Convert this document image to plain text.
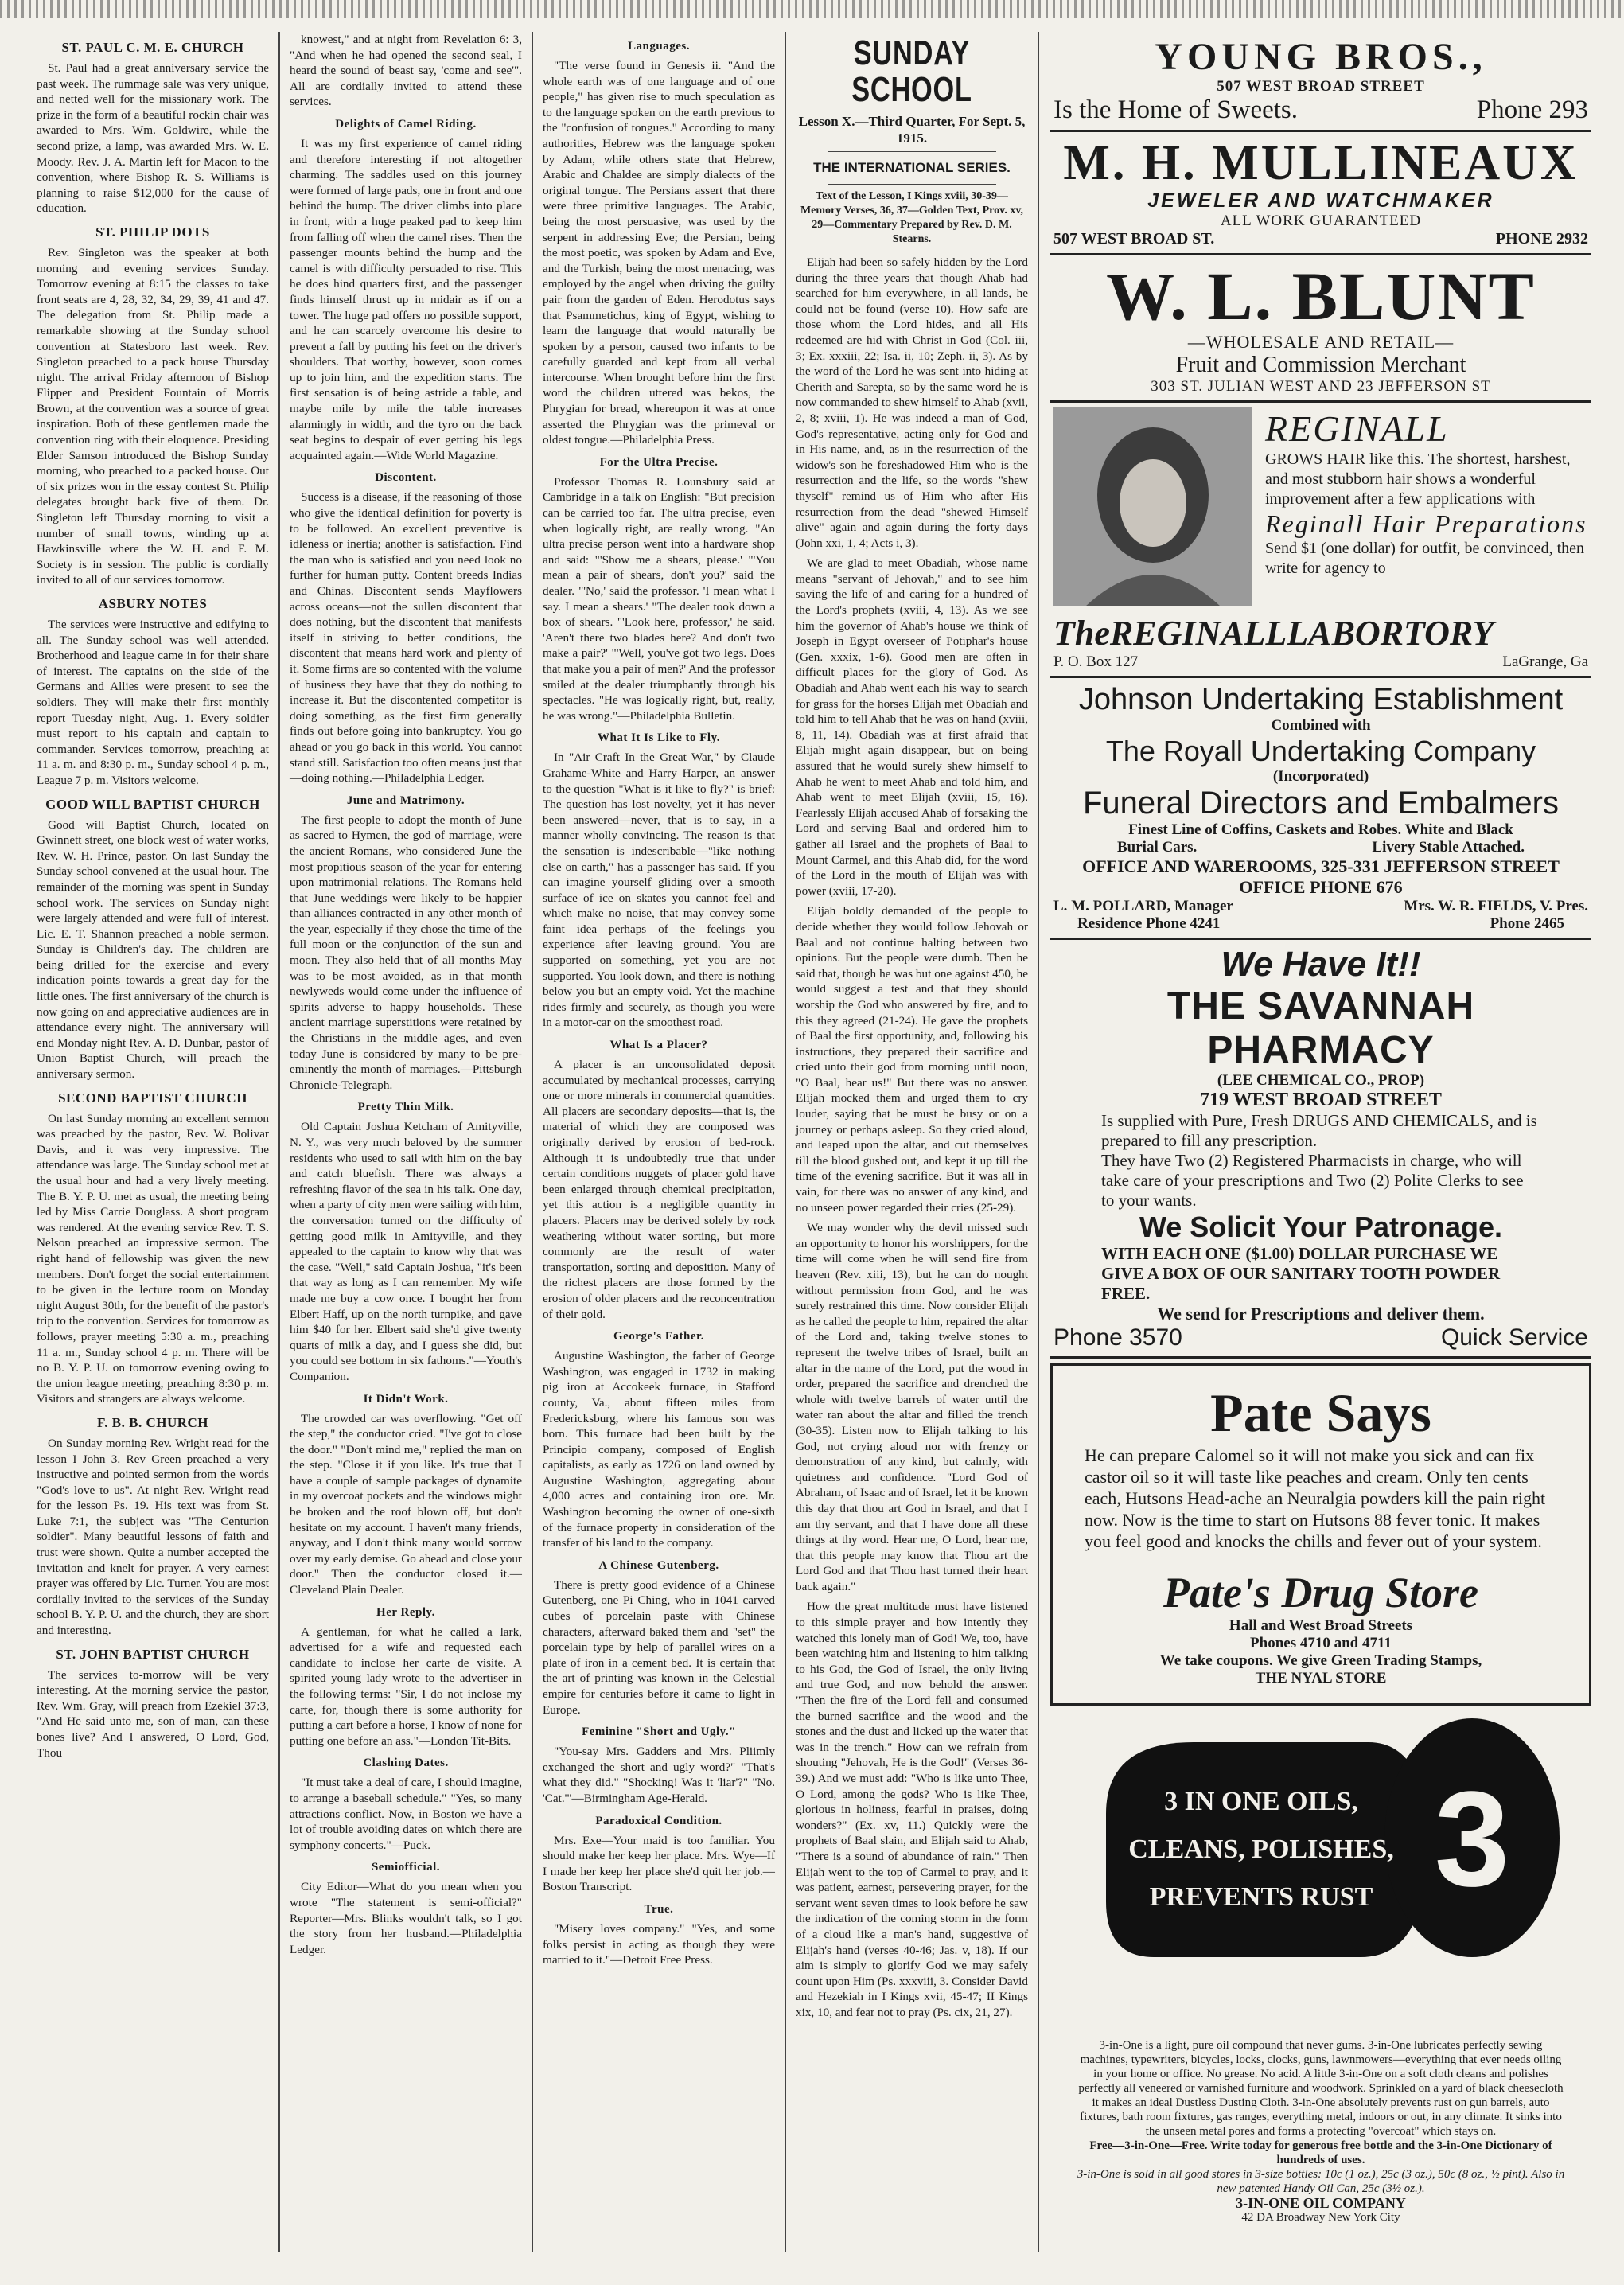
ST. PAUL C. M. E. CHURCH

St. Paul had a great anniversary service the past week. The rummage sale was very unique, and netted well for the missionary work. The prize in the form of a beautiful rockin chair was awarded to Mrs. Wm. Goldwire, while the second prize, a lamp, was awarded Mrs. W. E. Moody. Rev. J. A. Martin left for Macon to the convention, where Bishop R. S. Williams is planning to raise $12,000 for the cause of education.

ST. PHILIP DOTS

Rev. Singleton was the speaker at both morning and evening services Sunday. Tomorrow evening at 8:15 the classes to take front seats are 4, 28, 32, 34, 29, 39, 41 and 47. The delegation from St. Philip made a remarkable showing at the Sunday school convention at Statesboro last week. Rev. Singleton preached to a pack house Thursday night. The arrival Friday afternoon of Bishop Flipper and President Fountain of Morris Brown, at the convention was a source of great inspiration. Both of these gentlemen made the convention ring with their eloquence. Presiding Elder Samson introduced the Bishop Sunday morning, who preached to a packed house. Out of six prizes won in the essay contest St. Philip delegates brought back five of them. Dr. Singleton left Thursday morning to visit a number of small towns, winding up at Hawkinsville where the W. H. and F. M. Society is in session. The public is cordially invited to all of our services tomorrow.

ASBURY NOTES

The services were instructive and edifying to all. The Sunday school was well attended. Brotherhood and league came in for their share of interest. The captains on the side of the Germans and Allies were present to see the soldiers. They will make their first monthly report Tuesday night, Aug. 1. Every soldier must report to his captain and captain to commander. Services tomorrow, preaching at 11 a. m. and 8:30 p. m., Sunday school 4 p. m., League 7 p. m. Visitors welcome.

GOOD WILL BAPTIST CHURCH

Good will Baptist Church, located on Gwinnett street, one block west of water works, Rev. W. H. Prince, pastor. On last Sunday the Sunday school convened at the usual hour. The remainder of the morning was spent in Sunday school work. The services on Sunday night were largely attended and were full of interest. Lic. E. T. Shannon preached a noble sermon. Sunday is Children's day. The children are being drilled for the exercise and every indication points towards a great day for the little ones. The first anniversary of the church is now going on and appreciative audiences are in attendance every night. The anniversary will end Monday night Rev. A. D. Dunbar, pastor of Union Baptist Church, will preach the anniversary sermon.

SECOND BAPTIST CHURCH

On last Sunday morning an excellent sermon was preached by the pastor, Rev. W. Bolivar Davis, and it was very impressive. The attendance was large. The Sunday school met at the usual hour and had a very lively meeting. The B. Y. P. U. met as usual, the meeting being led by Miss Carrie Douglass. A short program was rendered. At the evening service Rev. T. S. Nelson preached an impressive sermon. The right hand of fellowship was given the new members. Don't forget the social entertainment to be given in the lecture room on Monday night August 30th, for the benefit of the pastor's trip to the convention. Services for tomorrow as follows, prayer meeting 5:30 a. m., preaching 11 a. m., Sunday school 4 p. m. There will be no B. Y. P. U. on tomorrow evening owing to the union league meeting, preaching 8:30 p. m. Visitors and strangers are always welcome.

F. B. B. CHURCH

On Sunday morning Rev. Wright read for the lesson I John 3. Rev Green preached a very instructive and pointed sermon from the words "God's love to us". At night Rev. Wright read for the lesson Ps. 19. His text was from St. Luke 7:1, the subject was "The Centurion soldier". Many beautiful lessons of faith and trust were shown. Quite a number accepted the invitation and knelt for prayer. A very earnest prayer was offered by Lic. Turner. You are most cordially invited to the services of the Sunday school B. Y. P. U. and the church, they are short and interesting.

ST. JOHN BAPTIST CHURCH

The services to-morrow will be very interesting. At the morning service the pastor, Rev. Wm. Gray, will preach from Ezekiel 37:3, "And He said unto me, son of man, can these bones live? And I answered, O Lord, God, Thou

knowest," and at night from Revelation 6: 3, "And when he had opened the second seal, I heard the sound of beast say, 'come and see'". All are cordially invited to attend these services.

Delights of Camel Riding.

It was my first experience of camel riding and therefore interesting if not altogether charming. The saddles used on this journey were formed of large pads, one in front and one behind the hump. The driver climbs into place in front, with a huge peaked pad to keep him from falling off when the camel rises. Then the passenger mounts behind the hump and the camel is with difficulty persuaded to rise. This he does hind quarters first, and the passenger finds himself thrust up in midair as if on a tower. The huge pad offers no possible support, and he can scarcely overcome his desire to prevent a fall by putting his feet on the driver's shoulders. That worthy, however, soon comes up to join him, and the expedition starts. The first sensation is of being astride a table, and maybe mile by mile the table increases alarmingly in width, and the tyro on the back seat begins to despair of ever getting his legs acquainted again.—Wide World Magazine.

Discontent.

Success is a disease, if the reasoning of those who give the identical definition for poverty is to be followed. An excellent preventive is idleness or inertia; another is satisfaction. Find the man who is satisfied and you need look no further for human putty. Content breeds Indias and Chinas. Discontent sends Mayflowers across oceans—not the sullen discontent that does nothing, but the discontent that manifests itself in striving to better conditions, the discontent that means hard work and plenty of it. Some firms are so contented with the volume of business they have that they do nothing to increase it. But the discontented competitor is doing something, as the first firm generally finds out before going into bankruptcy. You go ahead or you go back in this world. You cannot stand still. Satisfaction too often means just that—doing nothing.—Philadelphia Ledger.

June and Matrimony.

The first people to adopt the month of June as sacred to Hymen, the god of marriage, were the ancient Romans, who considered June the most propitious season of the year for entering upon matrimonial relations. The Romans held that June weddings were likely to be happier than alliances contracted in any other month of the year, especially if they chose the time of the full moon or the conjunction of the sun and moon. They also held that of all months May was to be most avoided, as in that month newlyweds would come under the influence of spirits adverse to happy households. These ancient marriage superstitions were retained by the Christians in the middle ages, and even today June is considered by many to be pre-eminently the month of marriages.—Pittsburgh Chronicle-Telegraph.

Pretty Thin Milk.

Old Captain Joshua Ketcham of Amityville, N. Y., was very much beloved by the summer residents who used to sail with him on the bay and catch bluefish. There was always a refreshing flavor of the sea in his talk. One day, when a party of city men were sailing with him, the conversation turned on the difficulty of getting good milk in Amityville, and they appealed to the captain to know why that was the case. "Well," said Captain Joshua, "it's been that way as long as I can remember. My wife made me buy a cow once. I bought her from Elbert Haff, up on the north turnpike, and gave him $40 for her. Elbert said she'd give twenty quarts of milk a day, and I guess she did, but you could see bottom in six fathoms."—Youth's Companion.

It Didn't Work.

The crowded car was overflowing. "Get off the step," the conductor cried. "I've got to close the door." "Don't mind me," replied the man on the step. "Close it if you like. It's true that I have a couple of sample packages of dynamite in my overcoat pockets and the windows might be broken and the roof blown off, but don't hesitate on my account. I haven't many friends, anyway, and I don't think many would sorrow over my early demise. Go ahead and close your door." Then the conductor closed it.—Cleveland Plain Dealer.

Her Reply.

A gentleman, for what he called a lark, advertised for a wife and requested each candidate to inclose her carte de visite. A spirited young lady wrote to the advertiser in the following terms: "Sir, I do not inclose my carte, for, though there is some authority for putting a cart before a horse, I know of none for putting one before an ass."—London Tit-Bits.

Clashing Dates.

"It must take a deal of care, I should imagine, to arrange a baseball schedule." "Yes, so many attractions conflict. Now, in Boston we have a lot of trouble avoiding dates on which there are symphony concerts."—Puck.

Semiofficial.

City Editor—What do you mean when you wrote "The statement is semi-official?" Reporter—Mrs. Blinks wouldn't talk, so I got the story from her husband.—Philadelphia Ledger.

Languages.

"The verse found in Genesis ii. "And the whole earth was of one language and of one people," has given rise to much speculation as to the language spoken on the earth previous to the "confusion of tongues." According to many authorities, Hebrew was the language spoken by Adam, while others state that Hebrew, Arabic and Chaldee are simply dialects of the original tongue. The Persians assert that there were three primitive languages. The Arabic, being the most persuasive, was used by the serpent in addressing Eve; the Persian, being the most poetic, was spoken by Adam and Eve, and the Turkish, being the most menacing, was employed by the angel when driving the guilty pair from the garden of Eden. Herodotus says that Psammetichus, king of Egypt, wishing to learn the language that would naturally be spoken by a person, caused two infants to be carefully guarded and kept from all verbal intercourse. When brought before him the first word the children uttered was bekos, the Phrygian for bread, whereupon it was at once asserted the Phrygian was the primeval or oldest tongue.—Philadelphia Press.

For the Ultra Precise.

Professor Thomas R. Lounsbury said at Cambridge in a talk on English: "But precision can be carried too far. The ultra precise, even when logically right, are really wrong. "An ultra precise person went into a hardware shop and said: "'Show me a shears, please.' "'You mean a pair of shears, don't you?' said the dealer. "'No,' said the professor. 'I mean what I say. I mean a shears.' "The dealer took down a box of shears. "'Look here, professor,' he said. 'Aren't there two blades here? And don't two make a pair?' "'Well, you've got two legs. Does that make you a pair of men?' And the professor smiled at the dealer triumphantly through his spectacles. "He was logically right, but, really, he was wrong."—Philadelphia Bulletin.

What It Is Like to Fly.

In "Air Craft In the Great War," by Claude Grahame-White and Harry Harper, an answer to the question "What is it like to fly?" is brief: The question has lost novelty, yet it has never been answered—never, that is to say, in a manner wholly convincing. The reason is that the sensation is indescribable—"like nothing else on earth," has a passenger has said. If you can imagine yourself gliding over a smooth surface of ice on skates you cannot feel and which make no noise, that may convey some faint idea perhaps of the feelings you experience after leaving ground. You are supported on something, yet you are not supported. You look down, and there is nothing below you but an empty void. Yet the machine rides firmly and securely, as though you were in a motor-car on the smoothest road.

What Is a Placer?

A placer is an unconsolidated deposit accumulated by mechanical processes, carrying one or more minerals in commercial quantities. All placers are secondary deposits—that is, the material of which they are composed was originally derived by erosion of bed-rock. Although it is undoubtedly true that under certain conditions nuggets of placer gold have been enlarged through chemical precipitation, yet this action is a negligible quantity in placers. Placers may be derived solely by rock weathering without water sorting, but more commonly are the result of water transportation, sorting and deposition. Many of the richest placers are those formed by the erosion of older placers and the reconcentration of their gold.

George's Father.

Augustine Washington, the father of George Washington, was engaged in 1732 in making pig iron at Accokeek furnace, in Stafford county, Va., about fifteen miles from Fredericksburg, where his famous son was born. This furnace had been built by the Principio company, composed of English capitalists, as early as 1726 on land owned by Augustine Washington, aggregating about 4,000 acres and containing iron ore. Mr. Washington becoming the owner of one-sixth of the furnace property in consideration of the transfer of his land to the company.

A Chinese Gutenberg.

There is pretty good evidence of a Chinese Gutenberg, one Pi Ching, who in 1041 carved cubes of porcelain paste with Chinese characters, afterward baked them and "set" the porcelain type by help of parallel wires on a plate of iron in a cement bed. It is certain that the art of printing was known in the Celestial empire for centuries before it came to light in Europe.

Feminine "Short and Ugly."

"You-say Mrs. Gadders and Mrs. Pliimly exchanged the short and ugly word?" "That's what they did." "Shocking! Was it 'liar'?" "No. 'Cat.'"—Birmingham Age-Herald.

Paradoxical Condition.

Mrs. Exe—Your maid is too familiar. You should make her keep her place. Mrs. Wye—If I made her keep her place she'd quit her job.—Boston Transcript.

True.

"Misery loves company." "Yes, and some folks persist in acting as though they were married to it."—Detroit Free Press.

SUNDAY SCHOOL
Lesson X.—Third Quarter, For Sept. 5, 1915.
THE INTERNATIONAL SERIES.
Text of the Lesson, I Kings xviii, 30-39—Memory Verses, 36, 37—Golden Text, Prov. xv, 29—Commentary Prepared by Rev. D. M. Stearns.

Elijah had been so safely hidden by the Lord during the three years that though Ahab had searched for him everywhere, in all lands, he could not be found (verse 10). How safe are those whom the Lord hides, and all His redeemed are hid with Christ in God (Col. iii, 3; Ex. xxxiii, 22; Isa. ii, 10; Zeph. ii, 3). As by the word of the Lord he was sent into hiding at Cherith and Sarepta, so by the same word he is now commanded to shew himself to Ahab (xvii, 2, 8; xviii, 1). He was indeed a man of God, God's representative, acting only for God and in His name, and, as in the resurrection of the widow's son he foreshadowed Him who is the resurrection and the life, so the words "shew thyself" remind us of Him who after His resurrection from the dead "shewed Himself alive" again and again during the forty days (John xxi, 1, 4; Acts i, 3).

We are glad to meet Obadiah, whose name means "servant of Jehovah," and to see him saving the life of and caring for a hundred of the Lord's prophets (xviii, 4, 13). As we see him the governor of Ahab's house we think of Joseph in Egypt overseer of Potiphar's house (Gen. xxxix, 1-6). Good men are often in difficult places for the glory of God. As Obadiah and Ahab went each his way to search for grass for the horses Elijah met Obadiah and told him to tell Ahab that he was on hand (xviii, 8, 11, 14). Obadiah was at first afraid that Elijah might again disappear, but on being assured that he would surely shew himself to Ahab he went to meet Ahab and told him, and Ahab went to meet Elijah (xviii, 15, 16). Fearlessly Elijah accused Ahab of forsaking the Lord and serving Baal and ordered him to gather all Israel and the prophets of Baal to Mount Carmel, and this Ahab did, for the word of the Lord in the mouth of Elijah was with power (xviii, 17-20).

Elijah boldly demanded of the people to decide whether they would follow Jehovah or Baal and not continue halting between two opinions. But the people were dumb. Then he said that, though he was but one against 450, he would suggest a test and that they should worship the God who answered by fire, and to this they agreed (21-24). He gave the prophets of Baal the first opportunity, and, following his instructions, they prepared their sacrifice and cried unto their god from morning until noon, "O Baal, hear us!" But there was no answer. Elijah mocked them and urged them to cry louder, saying that he must be busy or on a journey or perhaps asleep. So they cried aloud, and leaped upon the altar, and cut themselves till the blood gushed out, and kept it up till the time of the evening sacrifice. But it was all in vain, for there was no answer of any kind, and no unseen power regarded their cries (25-29).

We may wonder why the devil missed such an opportunity to honor his worshippers, for the time will come when he will send fire from heaven (Rev. xiii, 13), but he can do nought without permission from God, and he was surely restrained this time. Now consider Elijah as he called the people to him, repaired the altar of the Lord and, taking twelve stones to represent the twelve tribes of Israel, built an altar in the name of the Lord, put the wood in order, prepared the sacrifice and drenched the whole with twelve barrels of water until the water ran about the altar and filled the trench (30-35). Listen now to Elijah talking to his God, not crying aloud nor with frenzy or demonstration of any kind, but calmly, with quietness and confidence. "Lord God of Abraham, of Isaac and of Israel, let it be known this day that thou art God in Israel, and that I am thy servant, and that I have done all these things at thy word. Hear me, O Lord, hear me, that this people may know that Thou art the Lord God and that Thou hast turned their heart back again."

How the great multitude must have listened to this simple prayer and how intently they watched this lonely man of God! We, too, have been watching him and listening to him talking to his God, the God of Israel, the only living and true God, and now behold the answer. "Then the fire of the Lord fell and consumed the burned sacrifice and the wood and the stones and the dust and licked up the water that was in the trench." How can we refrain from shouting "Jehovah, He is the God!" (Verses 36-39.) And we must add: "Who is like unto Thee, O Lord, among the gods? Who is like Thee, glorious in holiness, fearful in praises, doing wonders?" (Ex. xv, 11.) Quickly were the prophets of Baal slain, and Elijah said to Ahab, "There is a sound of abundance of rain." Then Elijah went to the top of Carmel to pray, and it was patient, earnest, persevering prayer, for the servant went seven times to look before he saw the indication of the coming storm in the form of a cloud like a man's hand, suggestive of Elijah's hand (verses 40-46; Jas. v, 18). If our aim is simply to glorify God we may safely count upon Him (Ps. xxxviii, 3. Consider David and Hezekiah in I Kings xvii, 45-47; II Kings xix, 10, and fear not to pray (Ps. cix, 21, 27).

YOUNG BROS.,
507 WEST BROAD STREET
Is the Home of Sweets.	Phone 293
M. H. MULLINEAUX
JEWELER AND WATCHMAKER
ALL WORK GUARANTEED
507 WEST BROAD ST.	PHONE 2932
W. L. BLUNT
—WHOLESALE AND RETAIL—
Fruit and Commission Merchant
303 ST. JULIAN WEST AND 23 JEFFERSON ST
REGINALL
GROWS HAIR like this. The shortest, harshest, and most stubborn hair shows a wonderful improvement after a few applications with
Reginall Hair Preparations
Send $1 (one dollar) for outfit, be convinced, then write for agency to
TheREGINALLLABORTORY
P. O. Box 127	LaGrange, Ga
Johnson Undertaking Establishment
Combined with
The Royall Undertaking Company
(Incorporated)
Funeral Directors and Embalmers
Finest Line of Coffins, Caskets and Robes. White and Black
Burial Cars.	Livery Stable Attached.
OFFICE AND WAREROOMS, 325-331 JEFFERSON STREET
OFFICE PHONE 676
L. M. POLLARD, Manager	Mrs. W. R. FIELDS, V. Pres.
Residence Phone 4241	Phone 2465
We Have It!!
THE SAVANNAH PHARMACY
(LEE CHEMICAL CO., PROP)
719 WEST BROAD STREET
Is supplied with Pure, Fresh DRUGS AND CHEMICALS, and is prepared to fill any prescription.
They have Two (2) Registered Pharmacists in charge, who will take care of your prescriptions and Two (2) Polite Clerks to see to your wants.
We Solicit Your Patronage.
WITH EACH ONE ($1.00) DOLLAR PURCHASE WE GIVE A BOX OF OUR SANITARY TOOTH POWDER FREE.
We send for Prescriptions and deliver them.
Phone 3570	Quick Service
Pate Says
He can prepare Calomel so it will not make you sick and can fix castor oil so it will taste like peaches and cream. Only ten cents each, Hutsons Head-ache an Neuralgia powders kill the pain right now. Now is the time to start on Hutsons 88 fever tonic. It makes you feel good and knocks the chills and fever out of your system.
Pate's Drug Store
Hall and West Broad Streets
Phones 4710 and 4711
We take coupons. We give Green Trading Stamps,
THE NYAL STORE
3
3 IN ONE OILS,
CLEANS, POLISHES,
PREVENTS RUST
3-in-One is a light, pure oil compound that never gums. 3-in-One lubricates perfectly sewing machines, typewriters, bicycles, locks, clocks, guns, lawnmowers—everything that ever needs oiling in your home or office. No grease. No acid. A little 3-in-One on a soft cloth cleans and polishes perfectly all veneered or varnished furniture and woodwork. Sprinkled on a yard of black cheesecloth it makes an ideal Dustless Dusting Cloth. 3-in-One absolutely prevents rust on gun barrels, auto fixtures, bath room fixtures, gas ranges, everything metal, indoors or out, in any climate. It sinks into the unseen metal pores and forms a protecting "overcoat" which stays on.
Free—3-in-One—Free. Write today for generous free bottle and the 3-in-One Dictionary of hundreds of uses.
3-in-One is sold in all good stores in 3-size bottles: 10c (1 oz.), 25c (3 oz.), 50c (8 oz., ½ pint). Also in new patented Handy Oil Can, 25c (3½ oz.).
3-IN-ONE OIL COMPANY
42 DA Broadway New York City
